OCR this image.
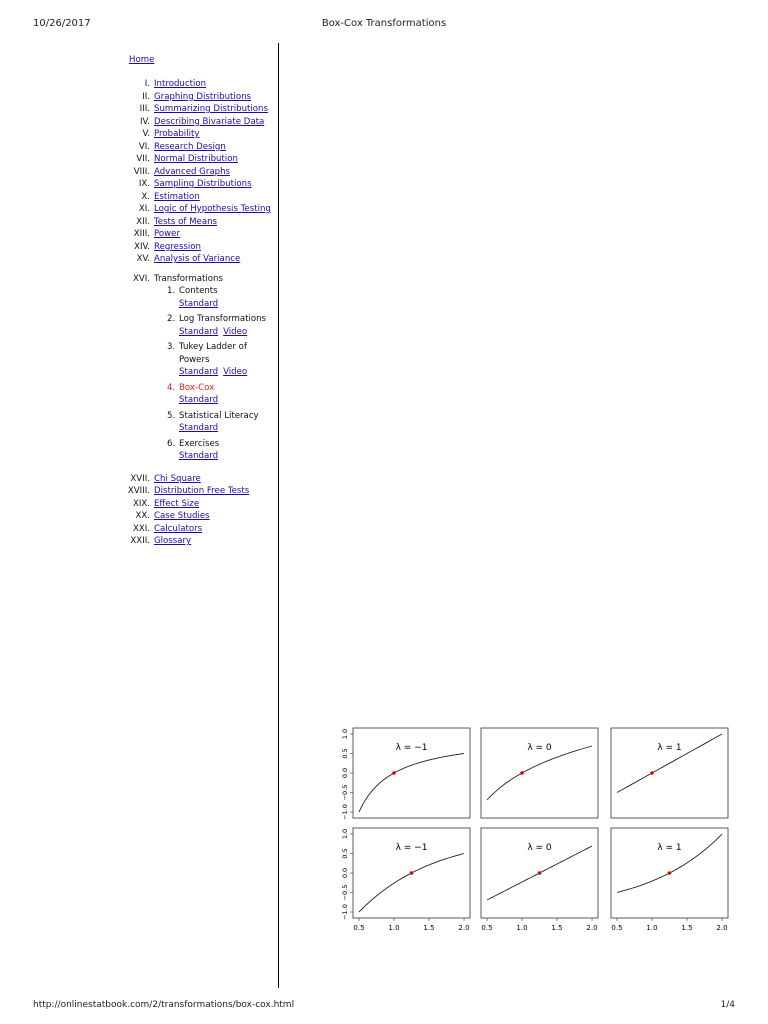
10/26/2017	Box-Cox Transformations
http://onlinestatbook.com/2/transformations/box-cox.html	1/4
Home
I. Introduction
II. Graphing Distributions
III. Summarizing Distributions
IV. Describing Bivariate Data
V. Probability
VI. Research Design
VII. Normal Distribution
VIII. Advanced Graphs
IX. Sampling Distributions
X. Estimation
XI. Logic of Hypothesis Testing
XII. Tests of Means
XIII. Power
XIV. Regression
XV. Analysis of Variance
XVI. Transformations
1. Contents
Standard
2. Log Transformations
Standard Video
3. Tukey Ladder of Powers
Standard Video
4. Box-Cox
Standard
5. Statistical Literacy
Standard
6. Exercises
Standard
XVII. Chi Square
XVIII. Distribution Free Tests
XIX. Effect Size
XX. Case Studies
XXI. Calculators
XXII. Glossary

λ = −1	λ = 0	λ = 1
λ = −1	λ = 0	λ = 1
−1.0
−0.5
0.0
0.5
1.0
−1.0
−0.5
0.0
0.5
1.0
0.5	1.0	1.5	2.0 0.5	1.0	1.5	2.0 0.5	1.0	1.5	2.0
